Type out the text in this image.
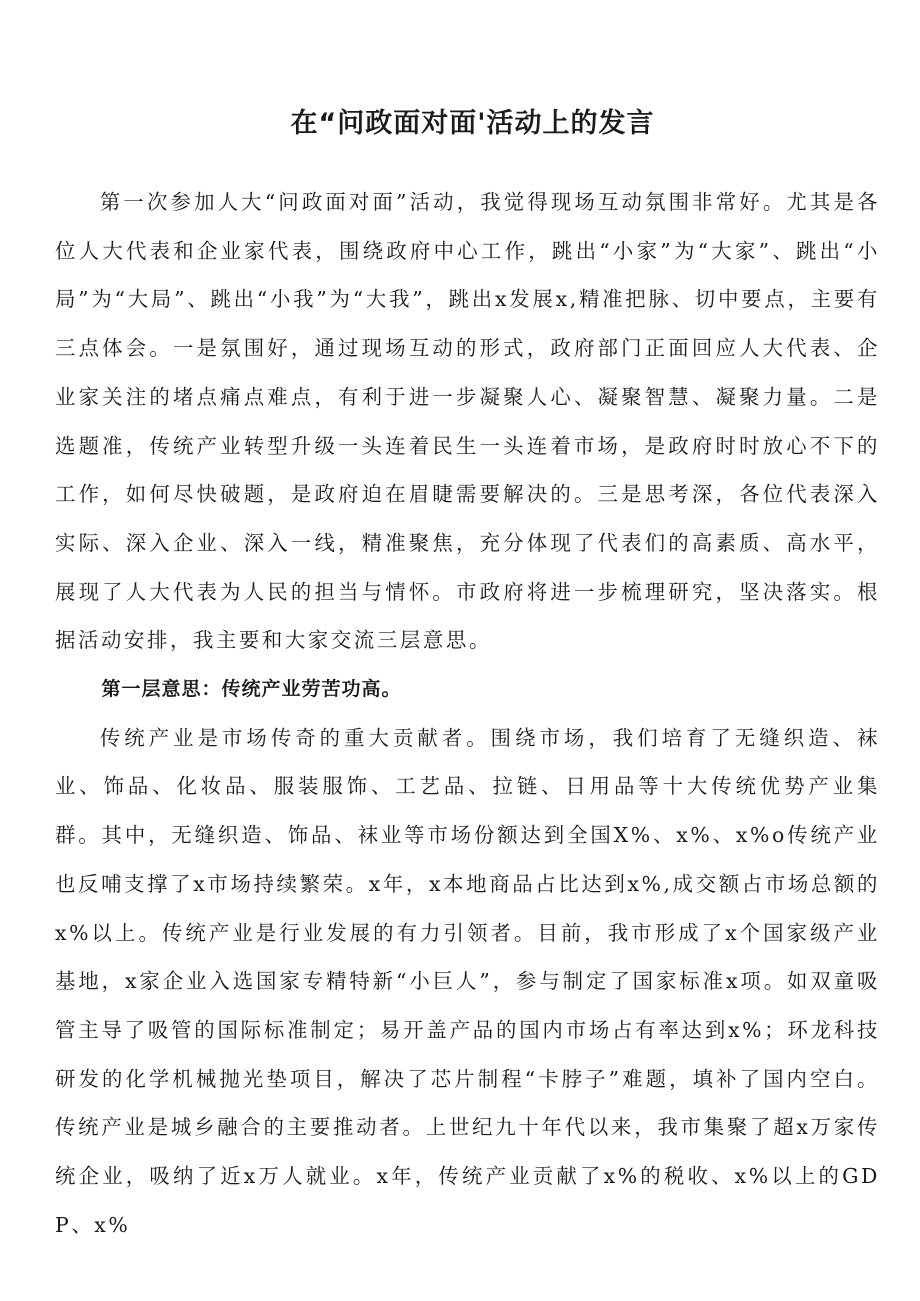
在“问政面对面'活动上的发言

第一次参加人大“问政面对面”活动，我觉得现场互动氛围非常好。尤其是各位人大代表和企业家代表，围绕政府中心工作，跳出“小家”为“大家”、跳出“小局”为“大局”、跳出“小我”为“大我”，跳出x发展x,精准把脉、切中要点，主要有三点体会。一是氛围好，通过现场互动的形式，政府部门正面回应人大代表、企业家关注的堵点痛点难点，有利于进一步凝聚人心、凝聚智慧、凝聚力量。二是选题准，传统产业转型升级一头连着民生一头连着市场，是政府时时放心不下的工作，如何尽快破题，是政府迫在眉睫需要解决的。三是思考深，各位代表深入实际、深入企业、深入一线，精准聚焦，充分体现了代表们的高素质、高水平，展现了人大代表为人民的担当与情怀。市政府将进一步梳理研究，坚决落实。根据活动安排，我主要和大家交流三层意思。

第一层意思：传统产业劳苦功高。

传统产业是市场传奇的重大贡献者。围绕市场，我们培育了无缝织造、袜业、饰品、化妆品、服装服饰、工艺品、拉链、日用品等十大传统优势产业集群。其中，无缝织造、饰品、袜业等市场份额达到全国X%、x%、x%o传统产业也反哺支撑了x市场持续繁荣。x年，x本地商品占比达到x%,成交额占市场总额的x%以上。传统产业是行业发展的有力引领者。目前，我市形成了x个国家级产业基地，x家企业入选国家专精特新“小巨人”，参与制定了国家标准x项。如双童吸管主导了吸管的国际标准制定；易开盖产品的国内市场占有率达到x%；环龙科技研发的化学机械抛光垫项目，解决了芯片制程“卡脖子”难题，填补了国内空白。传统产业是城乡融合的主要推动者。上世纪九十年代以来，我市集聚了超x万家传统企业，吸纳了近x万人就业。x年，传统产业贡献了x%的税收、x%以上的GDP、x%
